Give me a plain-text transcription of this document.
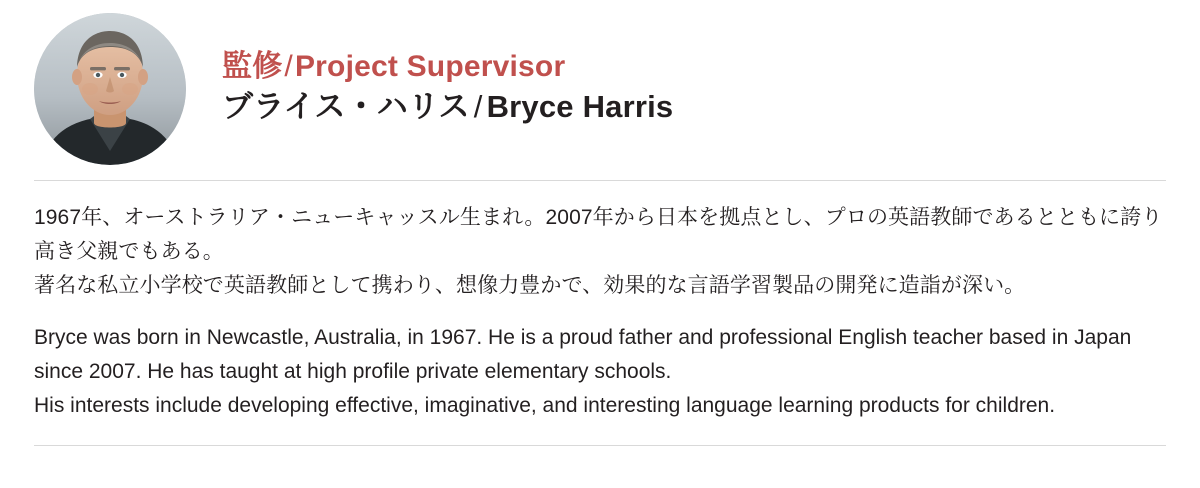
監修/Project Supervisor
ブライス・ハリス / Bryce Harris

1967年、オーストラリア・ニューキャッスル生まれ。2007年から日本を拠点とし、プロの英語教師であるとともに誇り高き父親でもある。

著名な私立小学校で英語教師として携わり、想像力豊かで、効果的な言語学習製品の開発に造詣が深い。

Bryce was born in Newcastle, Australia, in 1967. He is a proud father and professional English teacher based in Japan since 2007. He has taught at high profile private elementary schools.

His interests include developing effective, imaginative, and interesting language learning products for children.
